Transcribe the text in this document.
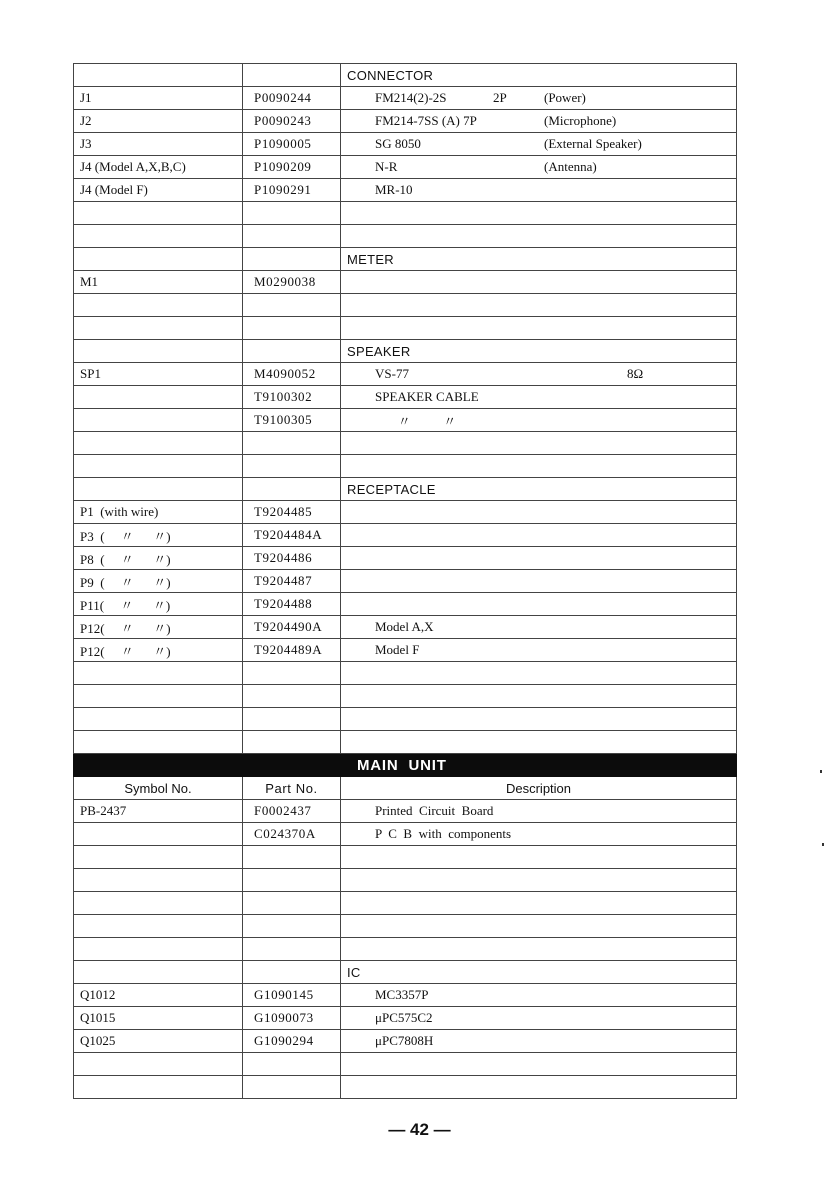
		CONNECTOR
J1	P0090244	FM214(2)-2S 2P (Power)

J2	P0090243	FM214-7SS (A) 7P (Microphone)

J3	P1090005	SG 8050 (External Speaker)

J4 (Model A,X,B,C)	P1090209	N-R (Antenna)

J4 (Model F)	P1090291	MR-10

		METER
M1	M0290038	

		SPEAKER
SP1	M4090052	VS-77 8Ω

	T9100302	SPEAKER CABLE
	T9100305	〃          〃

		RECEPTACLE
P1  (with wire)	T9204485	
P3  (     〃      〃)	T9204484A	
P8  (     〃      〃)	T9204486	
P9  (     〃      〃)	T9204487	
P11(     〃      〃)	T9204488	
P12(     〃      〃)	T9204490A	Model A,X
P12(     〃      〃)	T9204489A	Model F

		MAIN  UNIT
Symbol No.	Part No.	Description
PB-2437	F0002437	Printed  Circuit  Board
	C024370A	P  C  B  with  components

		IC
Q1012	G1090145	MC3357P
Q1015	G1090073	μPC575C2
Q1025	G1090294	μPC7808H

— 42 —
